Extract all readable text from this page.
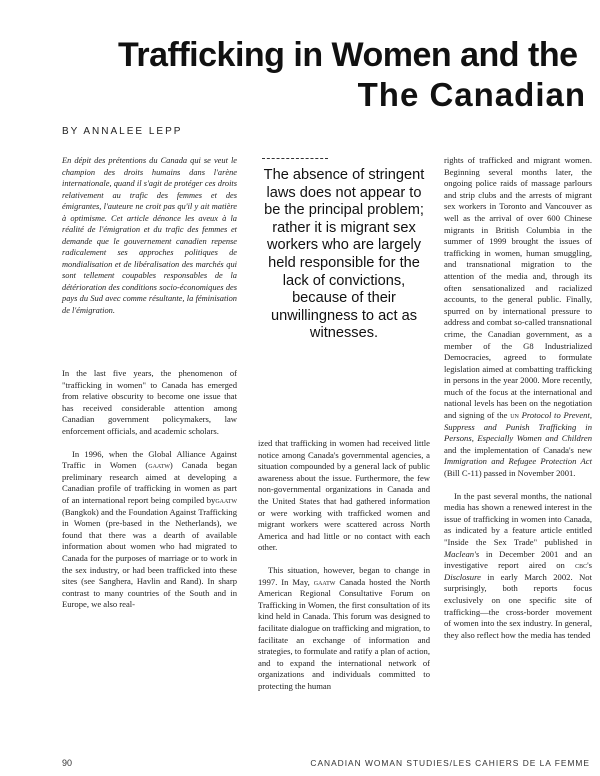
Trafficking in Women and the
The Canadian
BY ANNALEE LEPP
En dépit des prétentions du Canada qui se veut le champion des droits humains dans l'arène internationale, quand il s'agit de protéger ces droits relativement au trafic des femmes et des émigrantes, l'auteure ne croit pas qu'il y ait matière à optimisme. Cet article dénonce les aveux à la réalité de l'émigration et du trafic des femmes et demande que le gouvernement canadien repense radicalement ses approches politiques de mondialisation et de libéralisation des marchés qui sont tellement coupables responsables de la détérioration des conditions socio-économiques des pays du Sud avec comme résultante, la féminisation de l'émigration.
The absence of stringent laws does not appear to be the principal problem; rather it is migrant sex workers who are largely held responsible for the lack of convictions, because of their unwillingness to act as witnesses.

In the last five years, the phenomenon of "trafficking in women" to Canada has emerged from relative obscurity to become one issue that has received considerable attention among Canadian government policymakers, law enforcement officials, and academic scholars.

In 1996, when the Global Alliance Against Traffic in Women (gaatw) Canada began preliminary research aimed at developing a Canadian profile of trafficking in women as part of an international report being compiled bygaatw (Bangkok) and the Foundation Against Trafficking in Women (pre-based in the Netherlands), we found that there was a dearth of available information about women who had migrated to Canada for the purposes of marriage or to work in the sex industry, or had been trafficked into these sites (see Sanghera, Havlin and Rand). In sharp contrast to many countries of the South and in Europe, we also real-

ized that trafficking in women had received little notice among Canada's governmental agencies, a situation compounded by a general lack of public awareness about the issue. Furthermore, the few non-governmental organizations in Canada and the United States that had gathered information or were working with trafficked women and migrant workers were scattered across North America and had little or no contact with each other.

This situation, however, began to change in 1997. In May, gaatw Canada hosted the North American Regional Consultative Forum on Trafficking in Women, the first consultation of its kind held in Canada. This forum was designed to facilitate dialogue on trafficking and migration, to facilitate an exchange of information and strategies, to formulate and ratify a plan of action, and to expand the international network of organizations and individuals committed to protecting the human

rights of trafficked and migrant women. Beginning several months later, the ongoing police raids of massage parlours and strip clubs and the arrests of migrant sex workers in Toronto and Vancouver as well as the arrival of over 600 Chinese migrants in British Columbia in the summer of 1999 brought the issues of trafficking in women, human smuggling, and transnational migration to the attention of the media and, through its often sensationalized and racialized accounts, to the general public. Finally, spurred on by international pressure to address and combat so-called transnational crime, the Canadian government, as a member of the G8 Industrialized Democracies, agreed to formulate legislation aimed at combatting trafficking in persons in the year 2000. More recently, much of the focus at the international and national levels has been on the negotiation and signing of the un Protocol to Prevent, Suppress and Punish Trafficking in Persons, Especially Women and Children and the implementation of Canada's new Immigration and Refugee Protection Act (Bill C-11) passed in November 2001.

In the past several months, the national media has shown a renewed interest in the issue of trafficking in women into Canada, as indicated by a feature article entitled "Inside the Sex Trade" published in Maclean's in December 2001 and an investigative report aired on cbc's Disclosure in early March 2002. Not surprisingly, both reports focus exclusively on one specific site of trafficking—the cross-border movement of women into the sex industry. In general, they also reflect how the media has tended

90	CANADIAN WOMAN STUDIES/LES CAHIERS DE LA FEMME
